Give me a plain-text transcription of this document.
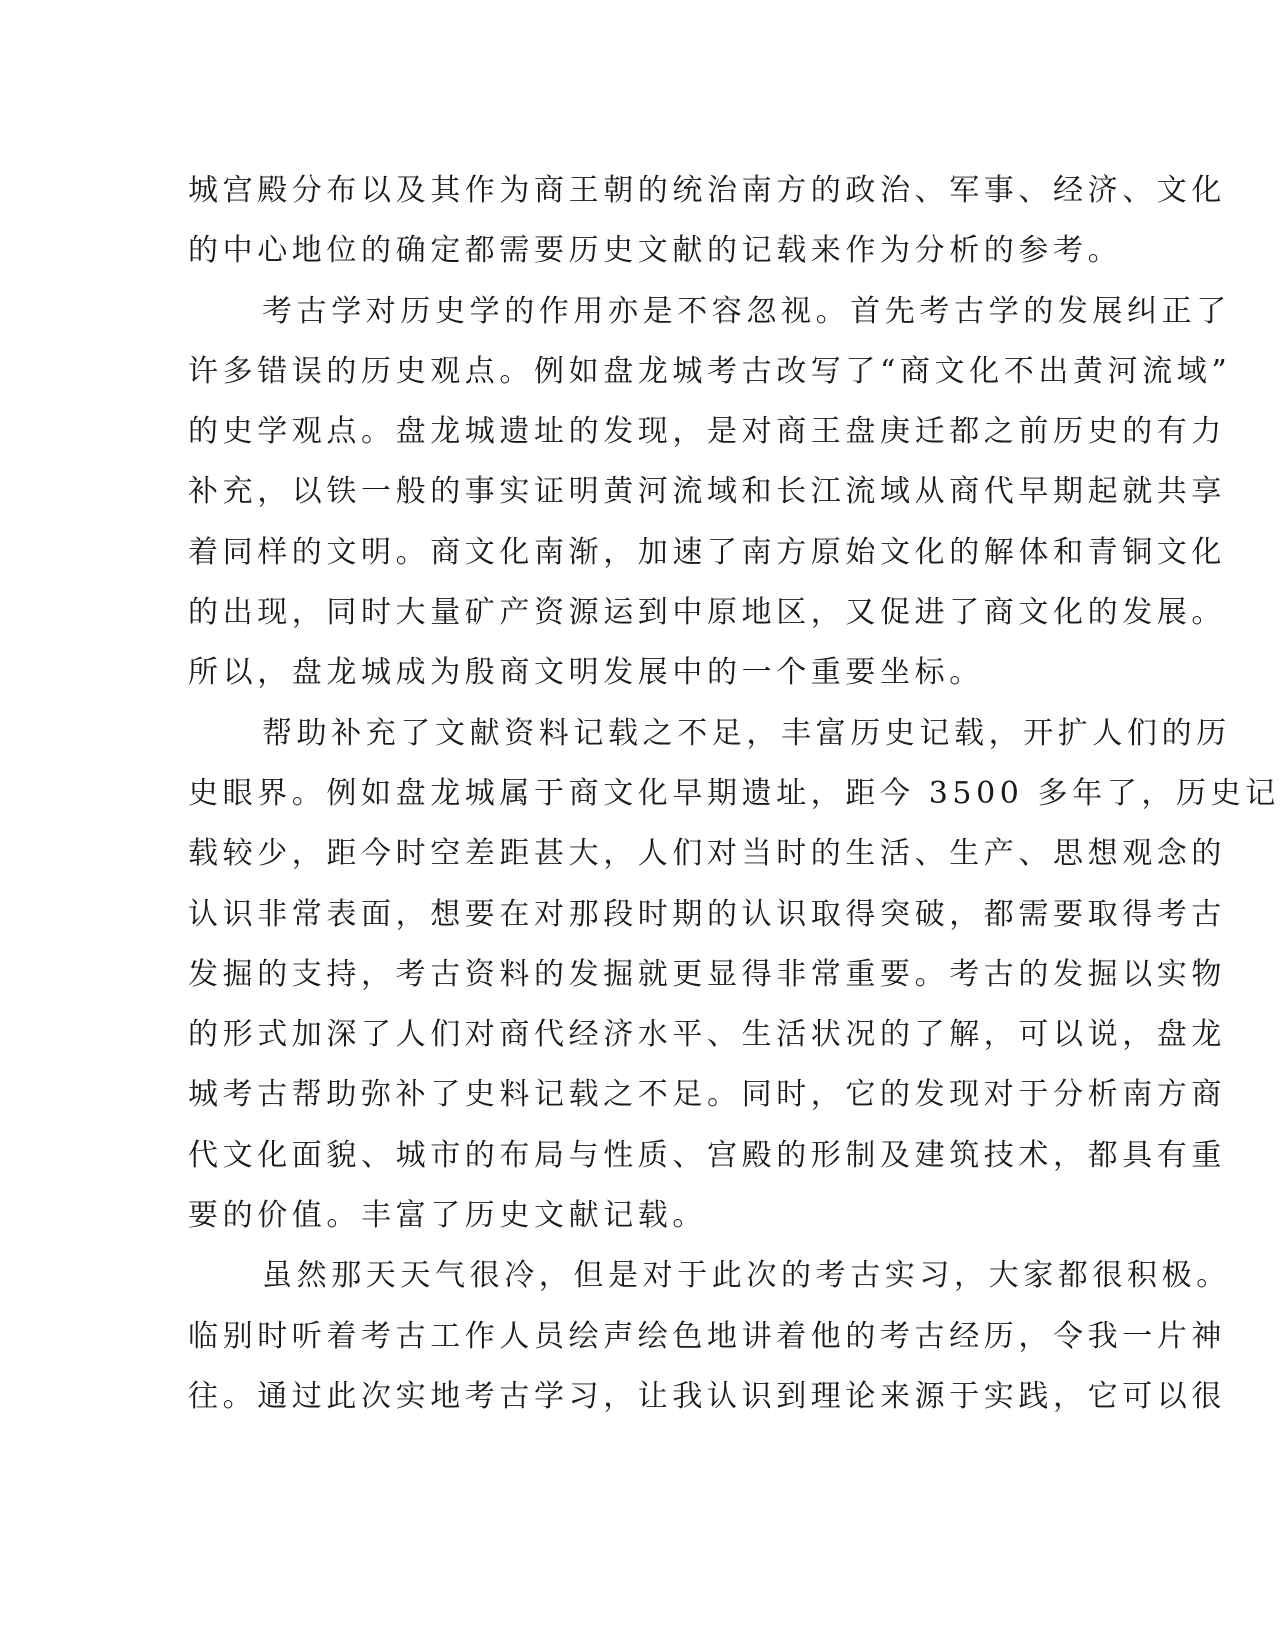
城宫殿分布以及其作为商王朝的统治南方的政治、军事、经济、文化
的中心地位的确定都需要历史文献的记载来作为分析的参考。
考古学对历史学的作用亦是不容忽视。首先考古学的发展纠正了
许多错误的历史观点。例如盘龙城考古改写了“商文化不出黄河流域”
的史学观点。盘龙城遗址的发现，是对商王盘庚迁都之前历史的有力
补充，以铁一般的事实证明黄河流域和长江流域从商代早期起就共享
着同样的文明。商文化南渐，加速了南方原始文化的解体和青铜文化
的出现，同时大量矿产资源运到中原地区，又促进了商文化的发展。
所以，盘龙城成为殷商文明发展中的一个重要坐标。
帮助补充了文献资料记载之不足，丰富历史记载，开扩人们的历
史眼界。例如盘龙城属于商文化早期遗址，距今 3500 多年了，历史记
载较少，距今时空差距甚大，人们对当时的生活、生产、思想观念的
认识非常表面，想要在对那段时期的认识取得突破，都需要取得考古
发掘的支持，考古资料的发掘就更显得非常重要。考古的发掘以实物
的形式加深了人们对商代经济水平、生活状况的了解，可以说，盘龙
城考古帮助弥补了史料记载之不足。同时，它的发现对于分析南方商
代文化面貌、城市的布局与性质、宫殿的形制及建筑技术，都具有重
要的价值。丰富了历史文献记载。
虽然那天天气很冷，但是对于此次的考古实习，大家都很积极。
临别时听着考古工作人员绘声绘色地讲着他的考古经历，令我一片神
往。通过此次实地考古学习，让我认识到理论来源于实践，它可以很
